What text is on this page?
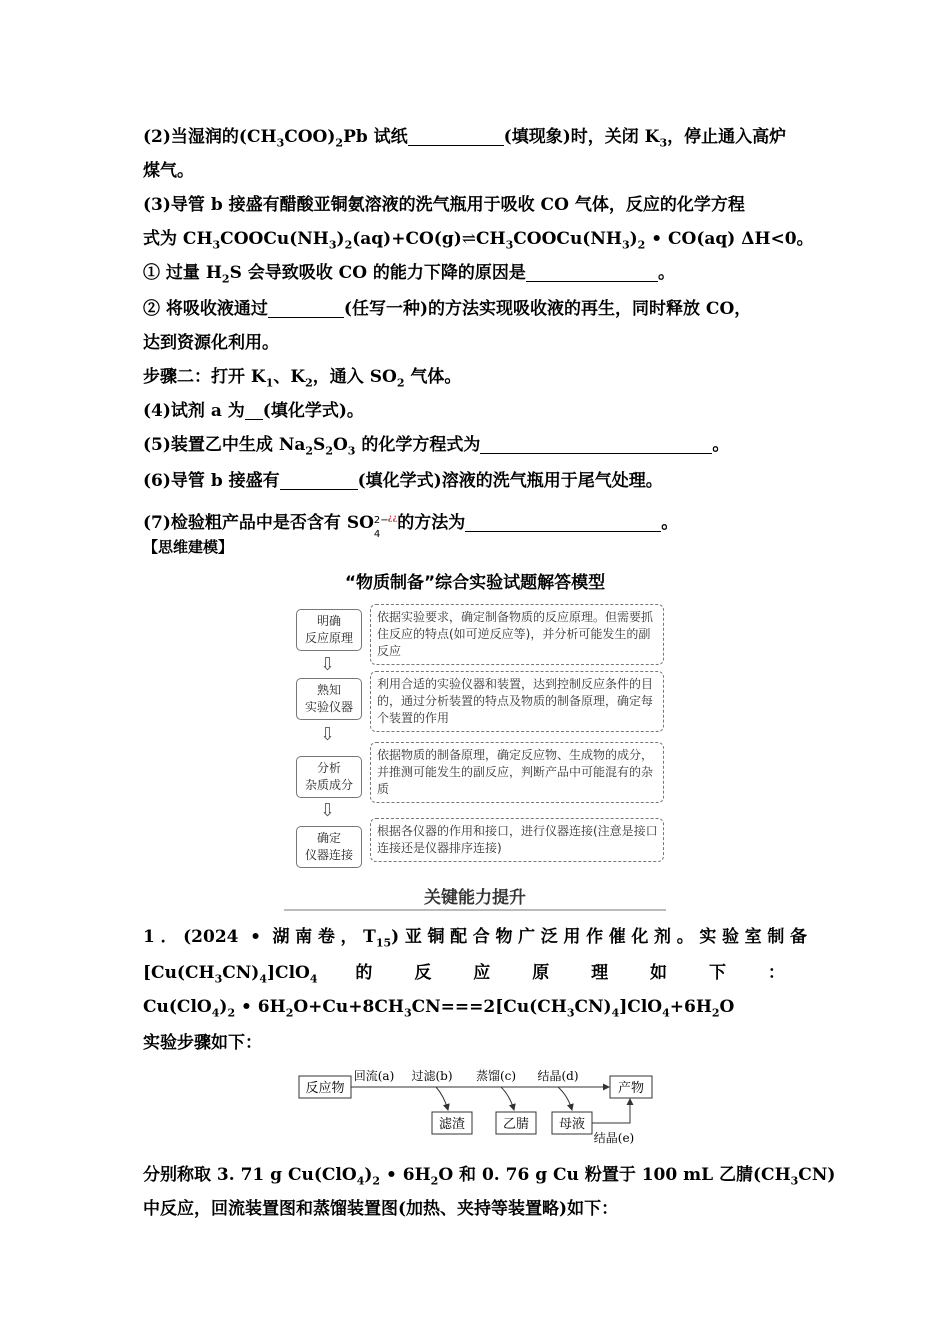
(2)当湿润的$(CH_3COO)_2Pb$ 试纸	(填现象)时，关闭 $K_3$，停止通入高炉
煤气。
(3)导管 b 接盛有醋酸亚铜氨溶液的洗气瓶用于吸收 CO 气体，反应的化学方程
式为 $CH_3COOCu(NH_3)_2(aq)+CO(g)\rightleftharpoons CH_3COOCu(NH_3)_2$ • CO(aq) ΔH<0。
① 过量 $H_2S$ 会导致吸收 CO 的能力下降的原因是	。
② 将吸收液通过	(任写一种)的方法实现吸收液的再生，同时释放 CO，
达到资源化利用。
步骤二：打开 $K_1$、$K_2$，通入 $SO_2$ 气体。
(4)试剂 a 为 (填化学式)。
(5)装置乙中生成 $Na_2S_2O_3$ 的化学方程式为	。
(6)导管 b 接盛有	(填化学式)溶液的洗气瓶用于尾气处理。
(7)检验粗产品中是否含有 SO 2−
4
¿¿的方法为	。
【思维建模】
“物质制备”综合实验试题解答模型
明确
反应原理
依据实验要求，确定制备物质的反应原理。但需要抓住反应的特点(如可逆反应等)，并分析可能发生的副反应
⇩
熟知
实验仪器
利用合适的实验仪器和装置，达到控制反应条件的目的，通过分析装置的特点及物质的制备原理，确定每个装置的作用
⇩
分析
杂质成分
依据物质的制备原理，确定反应物、生成物的成分，并推测可能发生的副反应，判断产品中可能混有的杂质
⇩
确定
仪器连接
根据各仪器的作用和接口，进行仪器连接(注意是接口连接还是仪器排序连接)
关键能力提升
1．(2024 • 湖南卷，$T_{15}$)亚铜配合物广泛用作催化剂。实验室制备
$[Cu(CH_3CN)_4]ClO_4$ 的 反 应 原 理 如 下 ：
$Cu(ClO_4)_2$ • $6H_2O+Cu+8CH_3CN===2[Cu(CH_3CN)_4]ClO_4+6H_2O$
实验步骤如下：
反应物
回流(a) 过滤(b) 蒸馏(c) 结晶(d)
产物
滤渣	乙腈 母液
结晶(e)
分别称取 3. 71 g $Cu(ClO_4)_2$ • $6H_2O$ 和 0. 76 g Cu 粉置于 100 mL 乙腈$(CH_3CN)$
中反应，回流装置图和蒸馏装置图(加热、夹持等装置略)如下：
